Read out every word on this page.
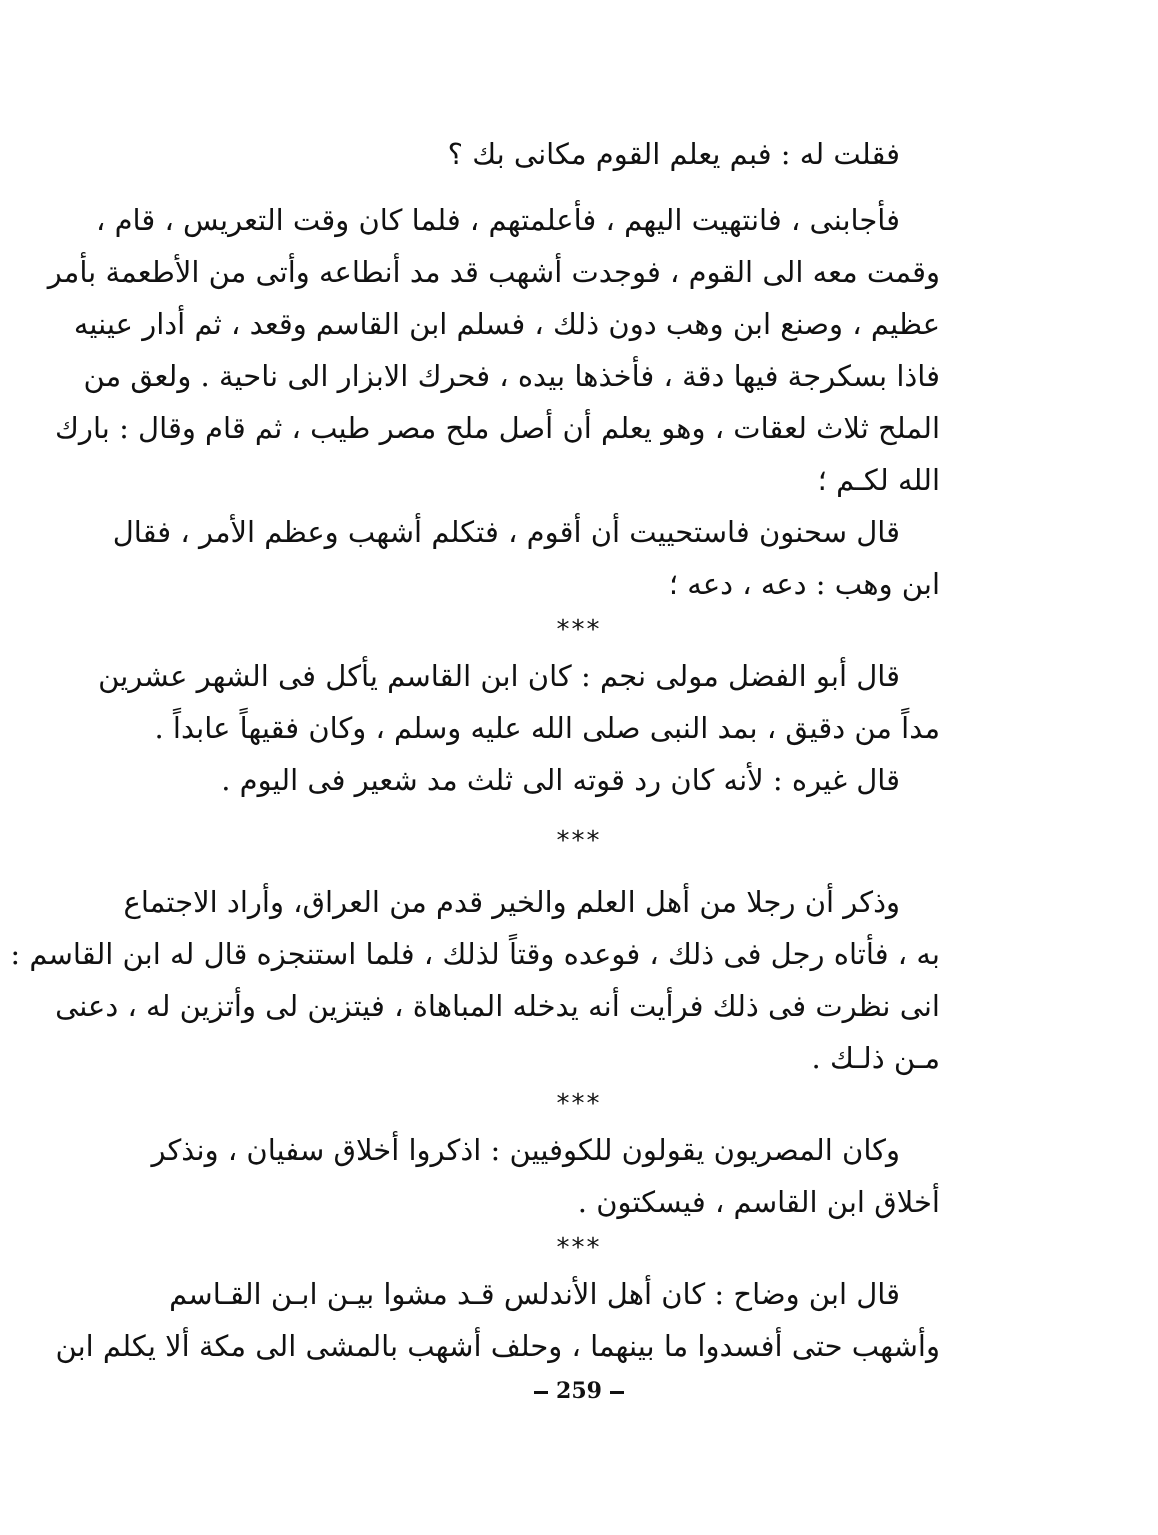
فقلت له : فبم يعلم القوم مكانى بك ؟
فأجابنى ، فانتهيت اليهم ، فأعلمتهم ، فلما كان وقت التعريس ، قام ،
وقمت معه الى القوم ، فوجدت أشهب قد مد أنطاعه وأتى من الأطعمة بأمر
عظيم ، وصنع ابن وهب دون ذلك ، فسلم ابن القاسم وقعد ، ثم أدار عينيه
فاذا بسكرجة فيها دقة ، فأخذها بيده ، فحرك الابزار الى ناحية . ولعق من
الملح ثلاث لعقات ، وهو يعلم أن أصل ملح مصر طيب ، ثم قام وقال : بارك
الله لكـم ؛
قال سحنون فاستحييت أن أقوم ، فتكلم أشهب وعظم الأمر ، فقال
ابن وهب : دعه ، دعه ؛
***
قال أبو الفضل مولى نجم : كان ابن القاسم يأكل فى الشهر عشرين
مداً من دقيق ، بمد النبى صلى الله عليه وسلم ، وكان فقيهاً عابداً .
قال غيره : لأنه كان رد قوته الى ثلث مد شعير فى اليوم .
***
وذكر أن رجلا من أهل العلم والخير قدم من العراق، وأراد الاجتماع
به ، فأتاه رجل فى ذلك ، فوعده وقتاً لذلك ، فلما استنجزه قال له ابن القاسم :
انى نظرت فى ذلك فرأيت أنه يدخله المباهاة ، فيتزين لى وأتزين له ، دعنى
مـن ذلـك .
***
وكان المصريون يقولون للكوفيين : اذكروا أخلاق سفيان ، ونذكر
أخلاق ابن القاسم ، فيسكتون .
***
قال ابن وضاح : كان أهل الأندلس قـد مشوا بيـن ابـن القـاسم
وأشهب حتى أفسدوا ما بينهما ، وحلف أشهب بالمشى الى مكة ألا يكلم ابن
259
